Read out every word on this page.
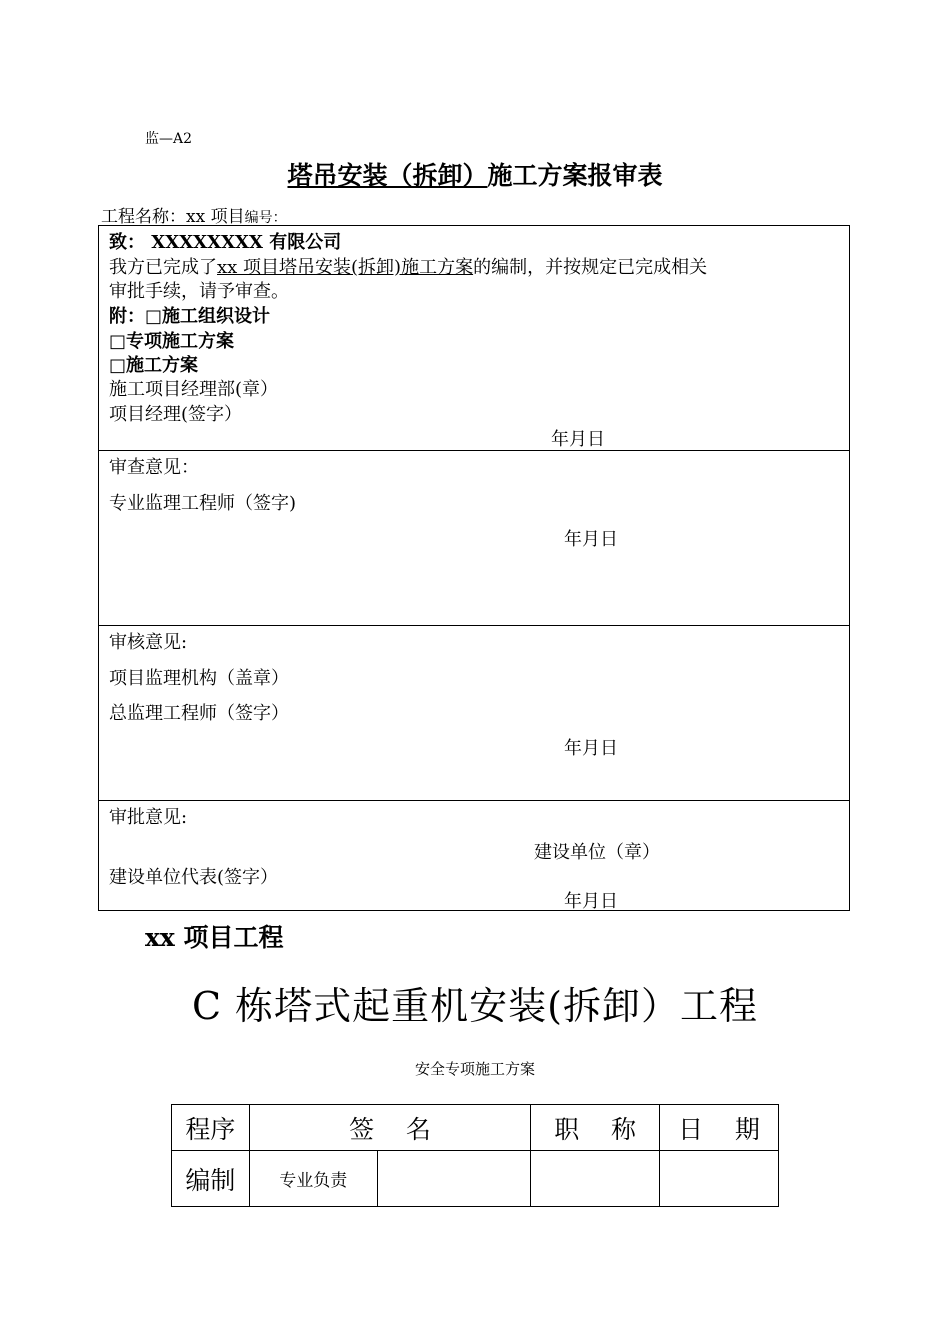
监—A2
塔吊安装（拆卸）施工方案报审表
工程名称：xx 项目编号：
致： XXXXXXXX 有限公司
我方已完成了xx 项目塔吊安装(拆卸)施工方案的编制，并按规定已完成相关
审批手续，请予审查。
附：□施工组织设计
□专项施工方案
□施工方案
施工项目经理部(章）
项目经理(签字）
年月日
审查意见：
专业监理工程师（签字)
年月日
审核意见:
项目监理机构（盖章）
总监理工程师（签字）
年月日
审批意见:
建设单位（章）
建设单位代表(签字）
年月日
xx 项目工程
C 栋塔式起重机安装(拆卸）工程
安全专项施工方案
程序	签    名		职    称	日    期
编制	专业负责			
